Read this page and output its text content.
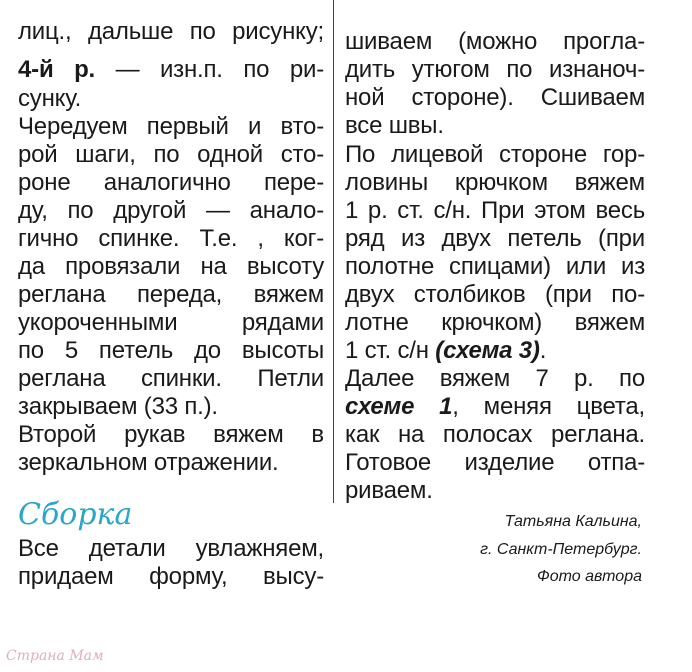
лиц., дальше по рисунку;
4-й р. — изн.п. по ри-
сунку.
Чередуем первый и вто-
рой шаги, по одной сто-
роне аналогично пере-
ду, по другой — анало-
гично спинке. Т.е. , ког-
да провязали на высоту
реглана переда, вяжем
укороченными рядами
по 5 петель до высоты
реглана спинки. Петли
закрываем (33 п.).
Второй рукав вяжем в
зеркальном отражении.
Сборка
Все детали увлажняем,
придаем форму, высу-
шиваем (можно прогла-
дить утюгом по изнаноч-
ной стороне). Сшиваем
все швы.
По лицевой стороне гор-
ловины крючком вяжем
1 р. ст. с/н. При этом весь
ряд из двух петель (при
полотне спицами) или из
двух столбиков (при по-
лотне крючком) вяжем
1 ст. с/н (схема 3).
Далее вяжем 7 р. по
схеме 1, меняя цвета,
как на полосах реглана.
Готовое изделие отпа-
риваем.
Татьяна Кальина,
г. Санкт-Петербург.
Фото автора
Страна Мам
